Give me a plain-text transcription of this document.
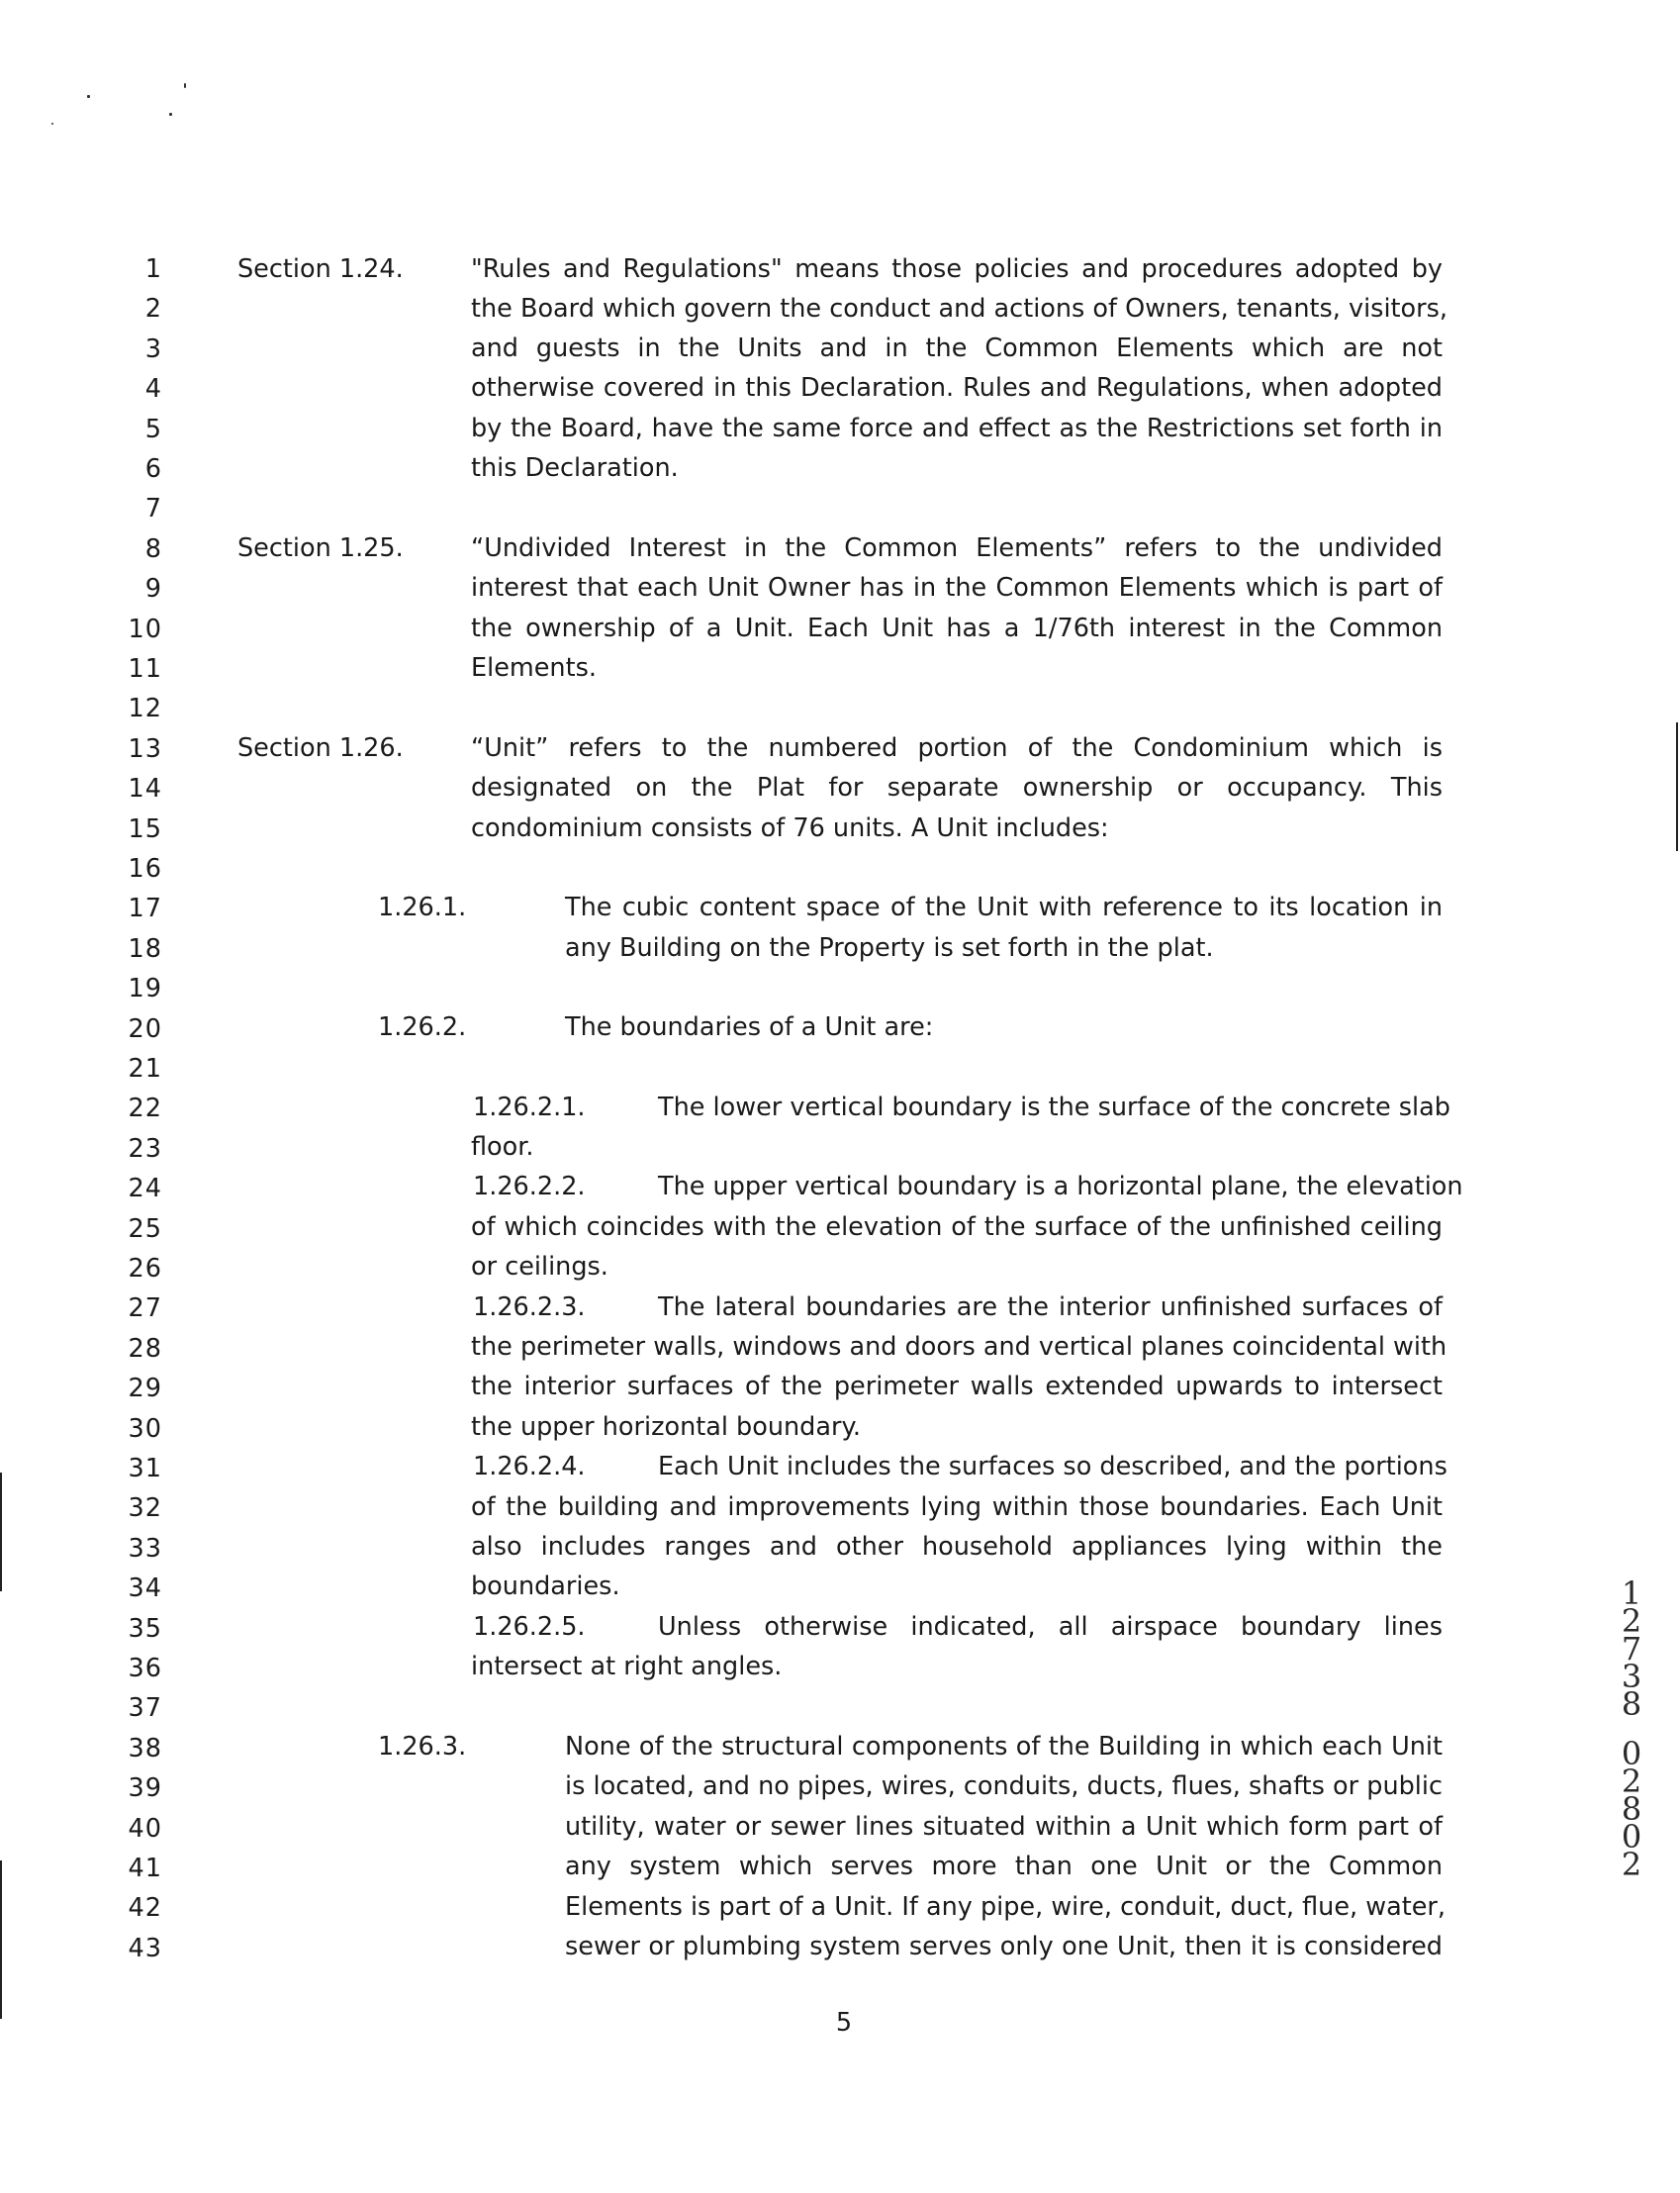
1
2
3
4
5
6
7
8
9
10
11
12
13
14
15
16
17
18
19
20
21
22
23
24
25
26
27
28
29
30
31
32
33
34
35
36
37
38
39
40
41
42
43
Section 1.24.	"Rules and Regulations" means those policies and procedures adopted by
the Board which govern the conduct and actions of Owners, tenants, visitors,
and guests in the Units and in the Common Elements which are not
otherwise covered in this Declaration. Rules and Regulations, when adopted
by the Board, have the same force and effect as the Restrictions set forth in
this Declaration.
Section 1.25.	“Undivided Interest in the Common Elements” refers to the undivided
interest that each Unit Owner has in the Common Elements which is part of
the ownership of a Unit. Each Unit has a 1/76th interest in the Common
Elements.
Section 1.26.	“Unit” refers to the numbered portion of the Condominium which is
designated on the Plat for separate ownership or occupancy. This
condominium consists of 76 units. A Unit includes:
1.26.1.	The cubic content space of the Unit with reference to its location in
any Building on the Property is set forth in the plat.
1.26.2.	The boundaries of a Unit are:
1.26.2.1.	The lower vertical boundary is the surface of the concrete slab
floor.
1.26.2.2.	The upper vertical boundary is a horizontal plane, the elevation
of which coincides with the elevation of the surface of the unfinished ceiling
or ceilings.
1.26.2.3.	The lateral boundaries are the interior unfinished surfaces of
the perimeter walls, windows and doors and vertical planes coincidental with
the interior surfaces of the perimeter walls extended upwards to intersect
the upper horizontal boundary.
1.26.2.4.	Each Unit includes the surfaces so described, and the portions
of the building and improvements lying within those boundaries. Each Unit
also includes ranges and other household appliances lying within the
boundaries.
1.26.2.5.	Unless otherwise indicated, all airspace boundary lines
intersect at right angles.
1.26.3.	None of the structural components of the Building in which each Unit
is located, and no pipes, wires, conduits, ducts, flues, shafts or public
utility, water or sewer lines situated within a Unit which form part of
any system which serves more than one Unit or the Common
Elements is part of a Unit. If any pipe, wire, conduit, duct, flue, water,
sewer or plumbing system serves only one Unit, then it is considered
5
1
2
7
3
8
0
2
8
0
2
